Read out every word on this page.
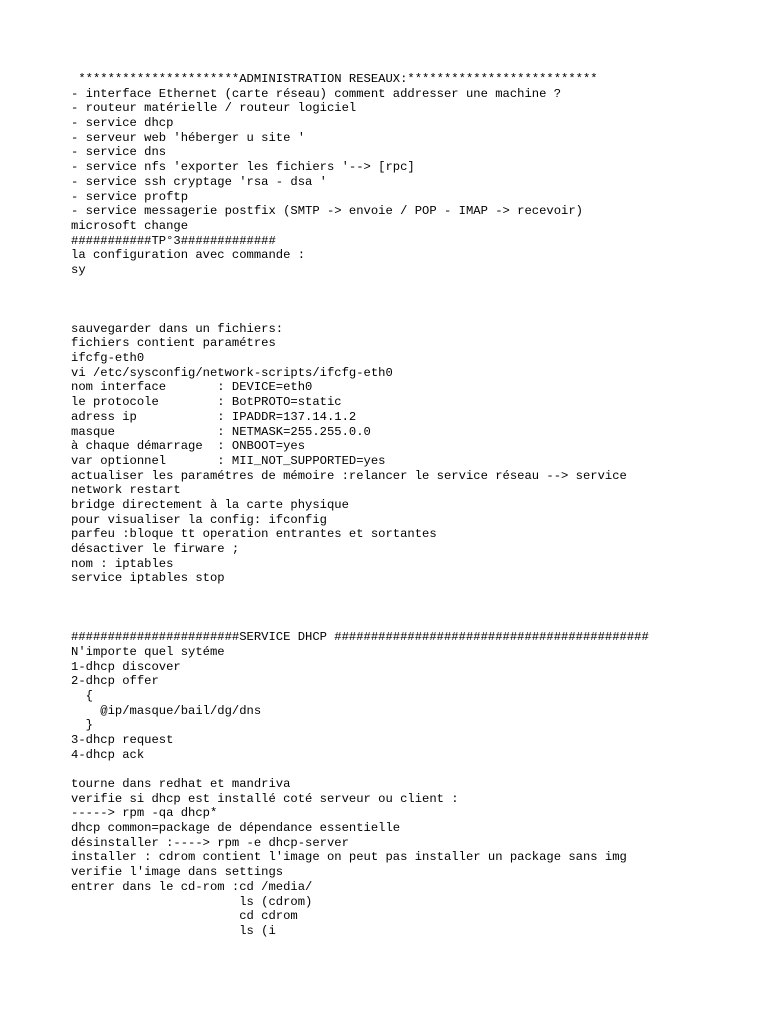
**********************ADMINISTRATION RESEAUX:**************************
- interface Ethernet (carte réseau) comment addresser une machine ?
- routeur matérielle / routeur logiciel
- service dhcp
- serveur web 'héberger u site '
- service dns
- service nfs 'exporter les fichiers '--> [rpc]
- service ssh cryptage 'rsa - dsa '
- service proftp
- service messagerie postfix (SMTP -> envoie / POP - IMAP -> recevoir)
microsoft change
###########TP°3#############
la configuration avec commande :
sy
sauvegarder dans un fichiers:
fichiers contient paramétres
ifcfg-eth0
vi /etc/sysconfig/network-scripts/ifcfg-eth0
nom interface       : DEVICE=eth0
le protocole        : BotPROTO=static
adress ip           : IPADDR=137.14.1.2
masque              : NETMASK=255.255.0.0
à chaque démarrage  : ONBOOT=yes
var optionnel       : MII_NOT_SUPPORTED=yes
actualiser les paramétres de mémoire :relancer le service réseau --> service
network restart
bridge directement à la carte physique
pour visualiser la config: ifconfig
parfeu :bloque tt operation entrantes et sortantes
désactiver le firware ;
nom : iptables
service iptables stop
#######################SERVICE DHCP ###########################################
N'importe quel sytéme
1-dhcp discover
2-dhcp offer
{
@ip/masque/bail/dg/dns
}
3-dhcp request
4-dhcp ack
tourne dans redhat et mandriva
verifie si dhcp est installé coté serveur ou client :
-----> rpm -qa dhcp*
dhcp common=package de dépendance essentielle
désinstaller :----> rpm -e dhcp-server
installer : cdrom contient l'image on peut pas installer un package sans img
verifie l'image dans settings
entrer dans le cd-rom :cd /media/
ls (cdrom)
cd cdrom
ls (i
